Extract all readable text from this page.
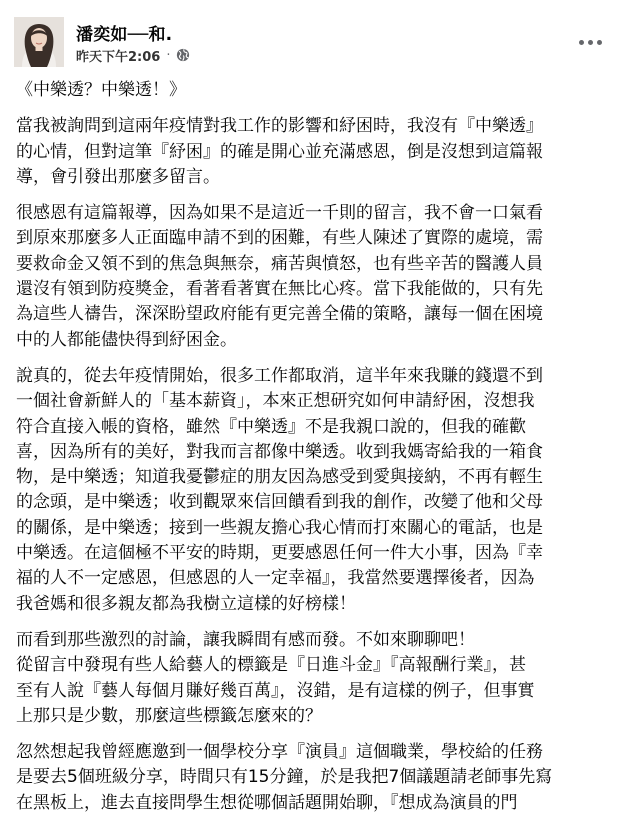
潘奕如──和.
昨天下午2:06 ·

《中樂透？中樂透！》

當我被詢問到這兩年疫情對我工作的影響和紓困時，我沒有『中樂透』
的心情，但對這筆『紓困』的確是開心並充滿感恩，倒是沒想到這篇報
導，會引發出那麼多留言。

很感恩有這篇報導，因為如果不是這近一千則的留言，我不會一口氣看
到原來那麼多人正面臨申請不到的困難，有些人陳述了實際的處境，需
要救命金又領不到的焦急與無奈，痛苦與憤怒，也有些辛苦的醫護人員
還沒有領到防疫獎金，看著看著實在無比心疼。當下我能做的，只有先
為這些人禱告，深深盼望政府能有更完善全備的策略，讓每一個在困境
中的人都能儘快得到紓困金。

說真的，從去年疫情開始，很多工作都取消，這半年來我賺的錢還不到
一個社會新鮮人的「基本薪資」，本來正想研究如何申請紓困，沒想我
符合直接入帳的資格，雖然『中樂透』不是我親口說的，但我的確歡
喜，因為所有的美好，對我而言都像中樂透。收到我媽寄給我的一箱食
物，是中樂透；知道我憂鬱症的朋友因為感受到愛與接納，不再有輕生
的念頭，是中樂透；收到觀眾來信回饋看到我的創作，改變了他和父母
的關係，是中樂透；接到一些親友擔心我心情而打來關心的電話，也是
中樂透。在這個極不平安的時期，更要感恩任何一件大小事，因為『幸
福的人不一定感恩，但感恩的人一定幸福』，我當然要選擇後者，因為
我爸媽和很多親友都為我樹立這樣的好榜樣！

而看到那些激烈的討論，讓我瞬間有感而發。不如來聊聊吧！
從留言中發現有些人給藝人的標籤是『日進斗金』『高報酬行業』，甚
至有人說『藝人每個月賺好幾百萬』，沒錯，是有這樣的例子，但事實
上那只是少數，那麼這些標籤怎麼來的？

忽然想起我曾經應邀到一個學校分享『演員』這個職業，學校給的任務
是要去5個班級分享，時間只有15分鐘，於是我把7個議題請老師事先寫
在黑板上，進去直接問學生想從哪個話題開始聊，『想成為演員的門
